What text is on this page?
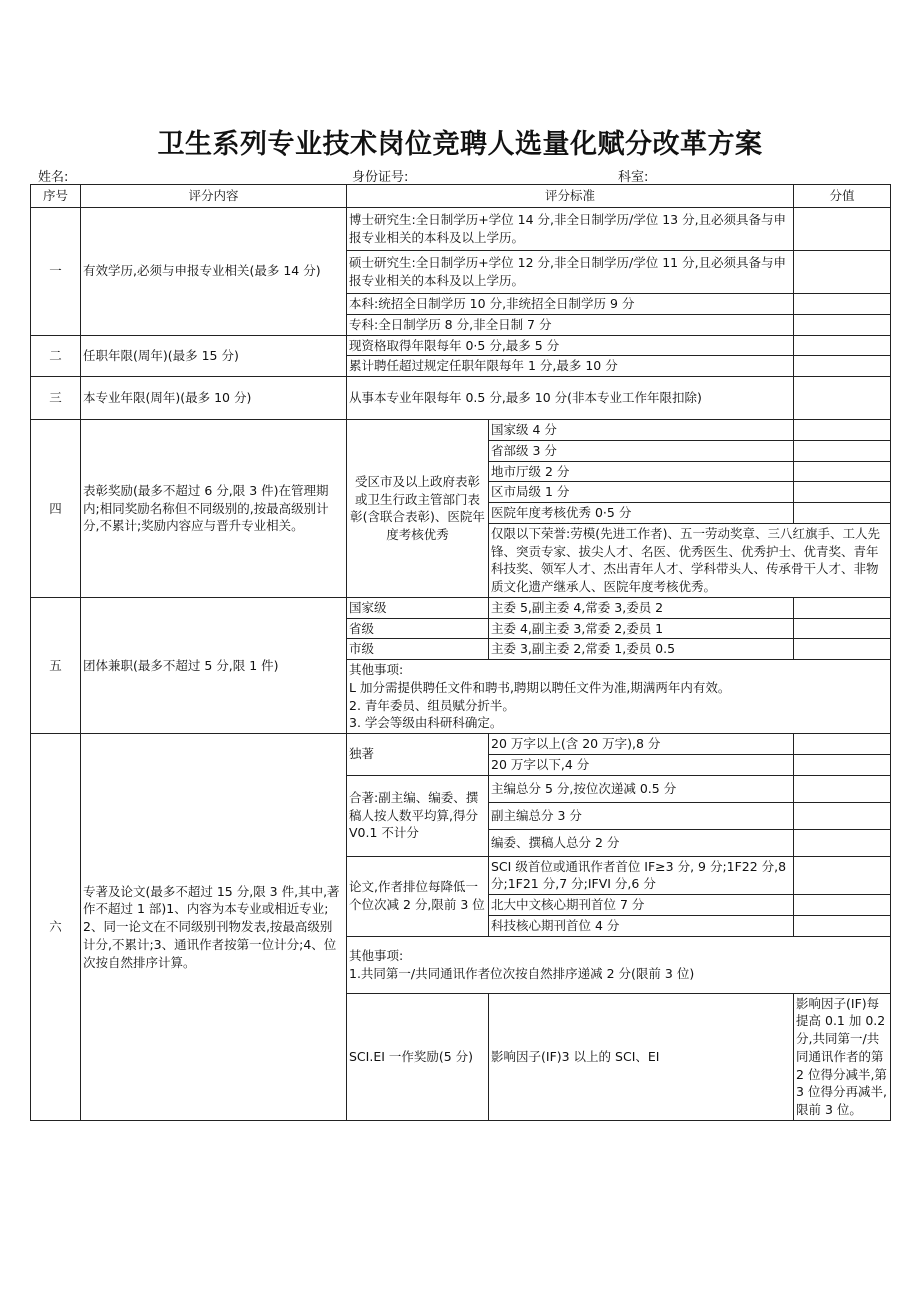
卫生系列专业技术岗位竞聘人选量化赋分改革方案
姓名:	身份证号:	科室:
序号	评分内容	评分标准		分值	
一	有效学历,必须与申报专业相关(最多 14 分)	博士研究生:全日制学历+学位 14 分,非全日制学历/学位 13 分,且必须具备与申报专业相关的本科及以上学历。			
		硕士研究生:全日制学历+学位 12 分,非全日制学历/学位 11 分,且必须具备与申报专业相关的本科及以上学历。			
		本科:统招全日制学历 10 分,非统招全日制学历 9 分			
		专科:全日制学历 8 分,非全日制 7 分			
二	任职年限(周年)(最多 15 分)	现资格取得年限每年 0·5 分,最多 5 分			
		累计聘任超过规定任职年限每年 1 分,最多 10 分			
三	本专业年限(周年)(最多 10 分)	从事本专业年限每年 0.5 分,最多 10 分(非本专业工作年限扣除)			
四	表彰奖励(最多不超过 6 分,限 3 件)在管理期内;相同奖励名称但不同级别的,按最高级别计分,不累计;奖励内容应与晋升专业相关。	受区市及以上政府表彰或卫生行政主管部门表彰(含联合表彰)、医院年度考核优秀	国家级 4 分		
			省部级 3 分		
			地市厅级 2 分		
			区市局级 1 分		
			医院年度考核优秀 0·5 分		
			仅限以下荣誉:劳模(先进工作者)、五一劳动奖章、三八红旗手、工人先锋、突贡专家、拔尖人才、名医、优秀医生、优秀护士、优青奖、青年科技奖、领军人才、杰出青年人才、学科带头人、传承骨干人才、非物质文化遗产继承人、医院年度考核优秀。		
五	团体兼职(最多不超过 5 分,限 1 件)	国家级	主委 5,副主委 4,常委 3,委员 2		
		省级	主委 4,副主委 3,常委 2,委员 1		
		市级	主委 3,副主委 2,常委 1,委员 0.5		
		其他事项:
L 加分需提供聘任文件和聘书,聘期以聘任文件为准,期满两年内有效。
2. 青年委员、组员赋分折半。
3. 学会等级由科研科确定。			
六	专著及论文(最多不超过 15 分,限 3 件,其中,著作不超过 1 部)1、内容为本专业或相近专业;2、同一论文在不同级别刊物发表,按最高级别计分,不累计;3、通讯作者按第一位计分;4、位次按自然排序计算。	独著	20 万字以上(含 20 万字),8 分		
			20 万字以下,4 分		
		合著:副主编、编委、撰稿人按人数平均算,得分 V0.1 不计分	主编总分 5 分,按位次递减 0.5 分		
			副主编总分 3 分		
			编委、撰稿人总分 2 分		
		论文,作者排位每降低一个位次减 2 分,限前 3 位	SCI 级首位或通讯作者首位 IF≥3 分, 9 分;1F22 分,8 分;1F21 分,7 分;IFVI 分,6 分		
			北大中文核心期刊首位 7 分		
			科技核心期刊首位 4 分		
		其他事项:
1.共同第一/共同通讯作者位次按自然排序递减 2 分(限前 3 位)			
		SCI.EI 一作奖励(5 分)	影响因子(IF)3 以上的 SCI、EI	影响因子(IF)每提高 0.1 加 0.2 分,共同第一/共同通讯作者的第 2 位得分减半,第 3 位得分再减半,限前 3 位。	
